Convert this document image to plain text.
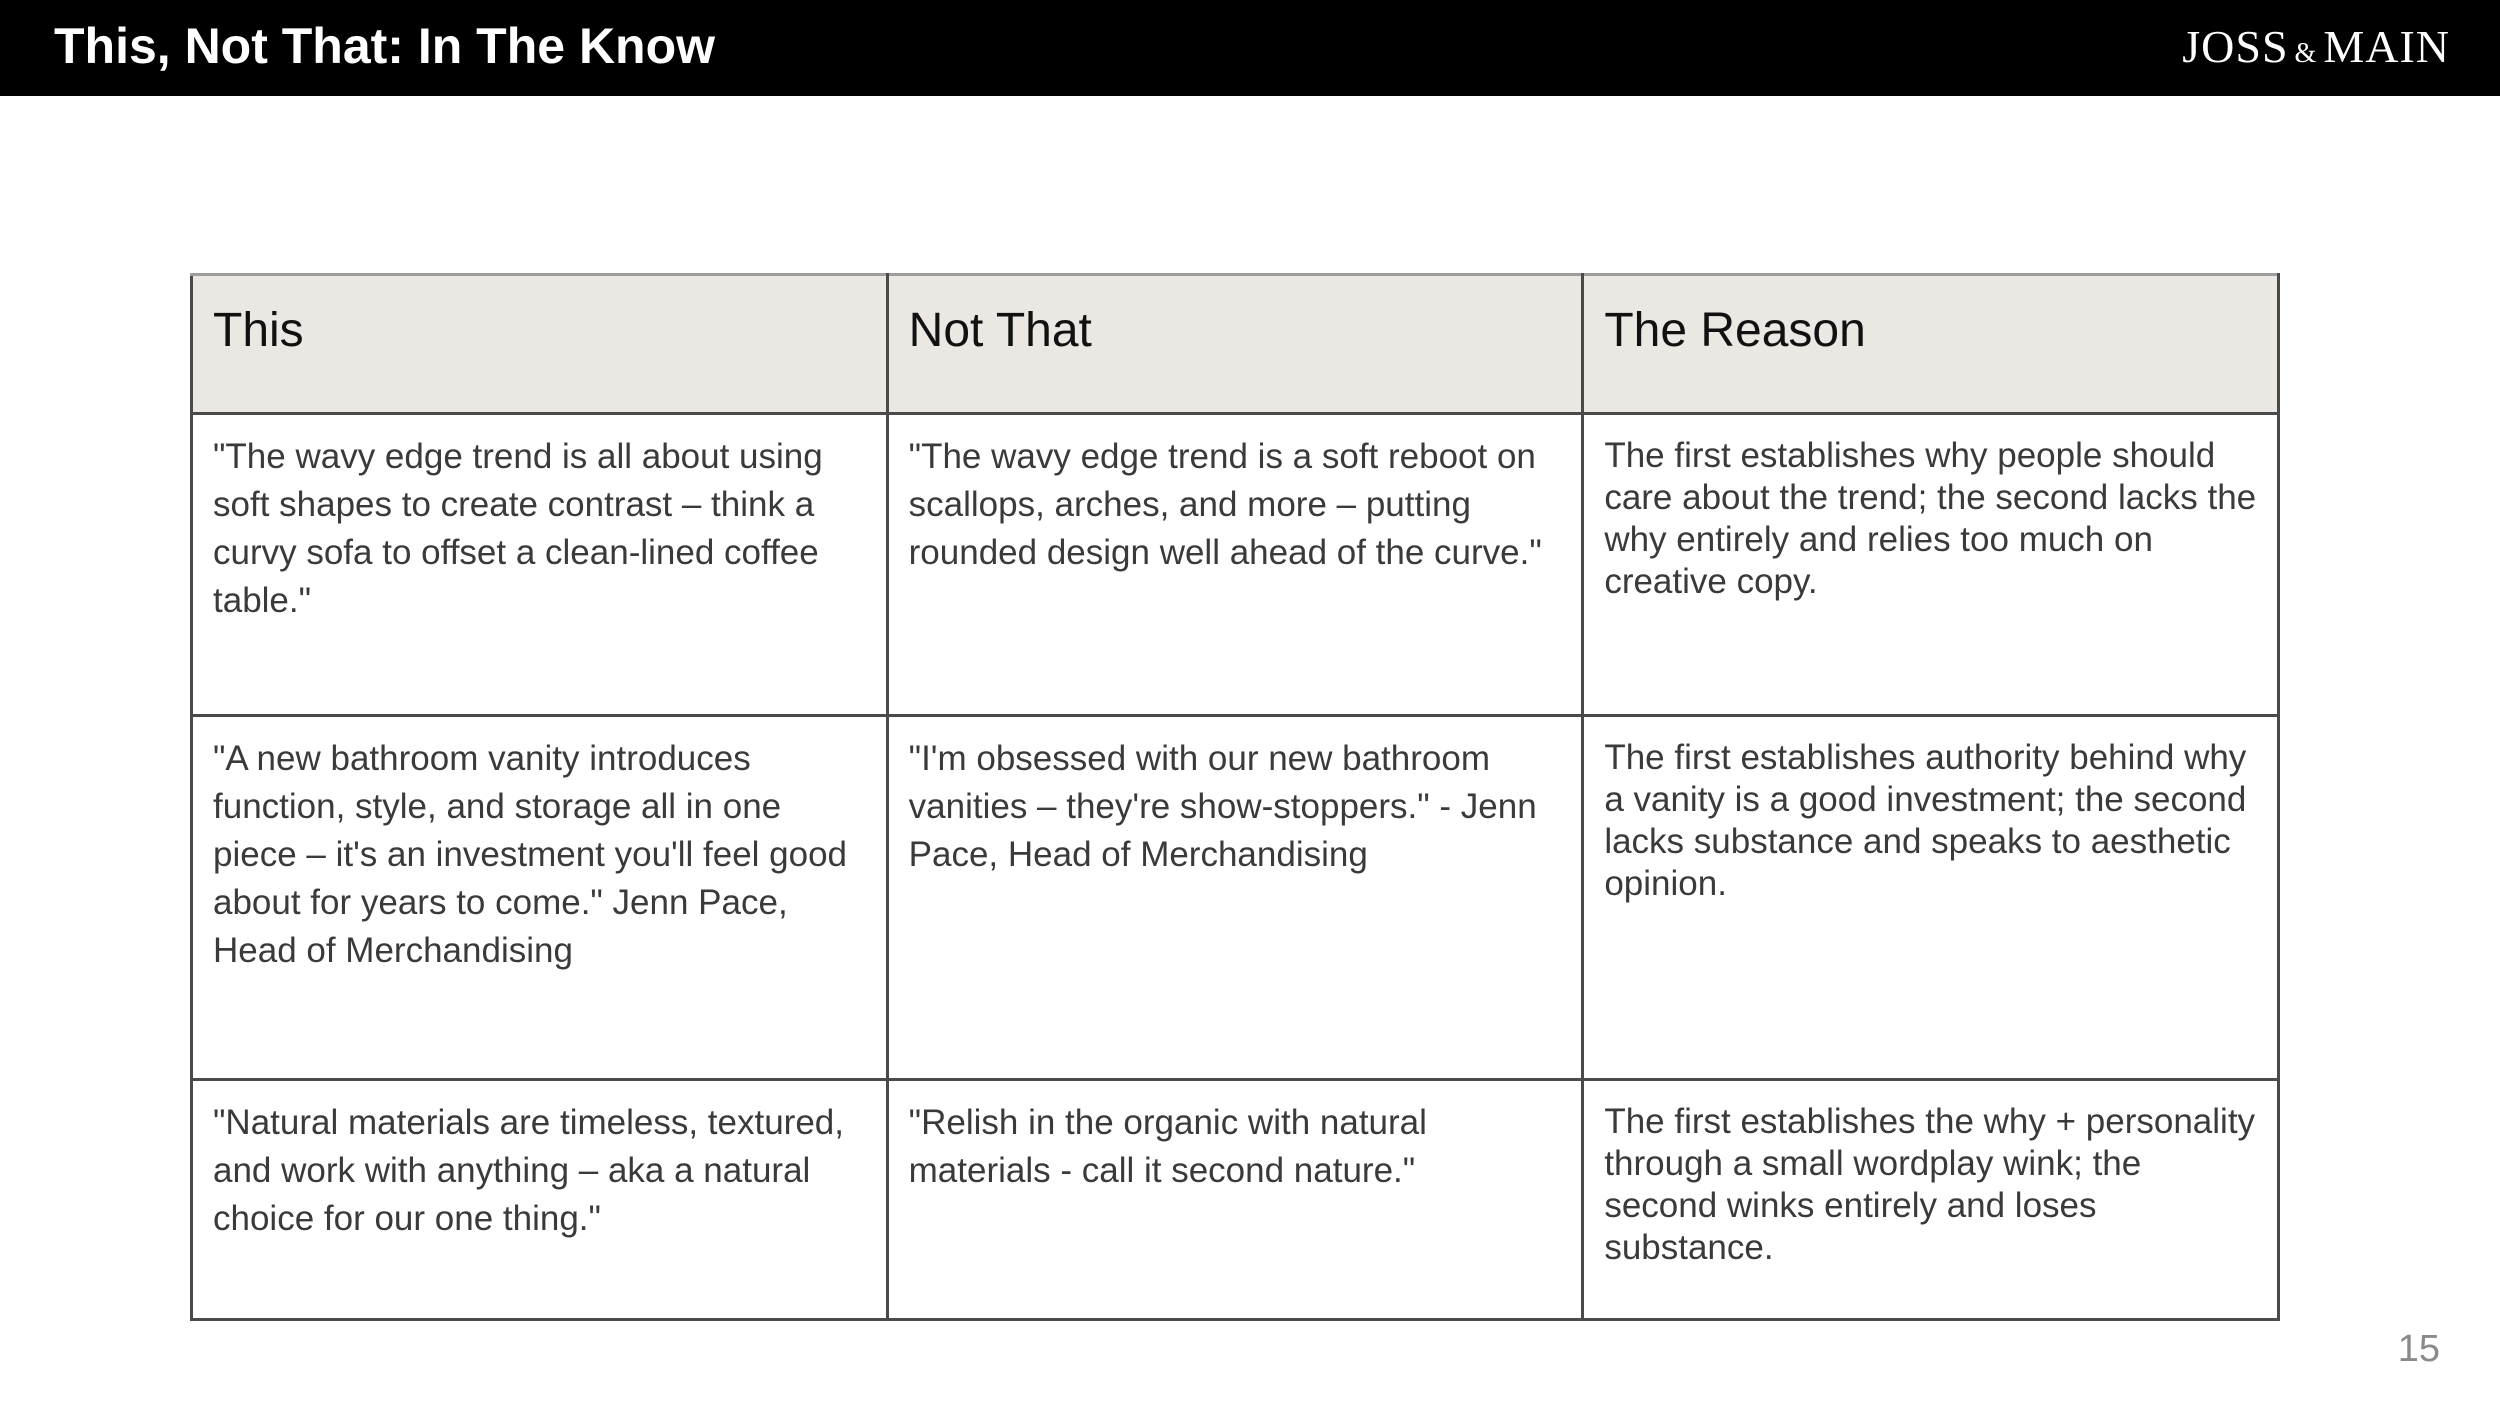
This, Not That: In The Know	JOSS & MAIN
This	Not That	The Reason
"The wavy edge trend is all about using soft shapes to create contrast – think a curvy sofa to offset a clean-lined coffee table."	"The wavy edge trend is a soft reboot on scallops, arches, and more – putting rounded design well ahead of the curve."	The first establishes why people should care about the trend; the second lacks the why entirely and relies too much on creative copy.
"A new bathroom vanity introduces function, style, and storage all in one piece – it's an investment you'll feel good about for years to come." Jenn Pace, Head of Merchandising	"I'm obsessed with our new bathroom vanities – they're show-stoppers." - Jenn Pace, Head of Merchandising	The first establishes authority behind why a vanity is a good investment; the second lacks substance and speaks to aesthetic opinion.
"Natural materials are timeless, textured, and work with anything – aka a natural choice for our one thing."	"Relish in the organic with natural materials - call it second nature."	The first establishes the why + personality through a small wordplay wink; the second winks entirely and loses substance.
15
